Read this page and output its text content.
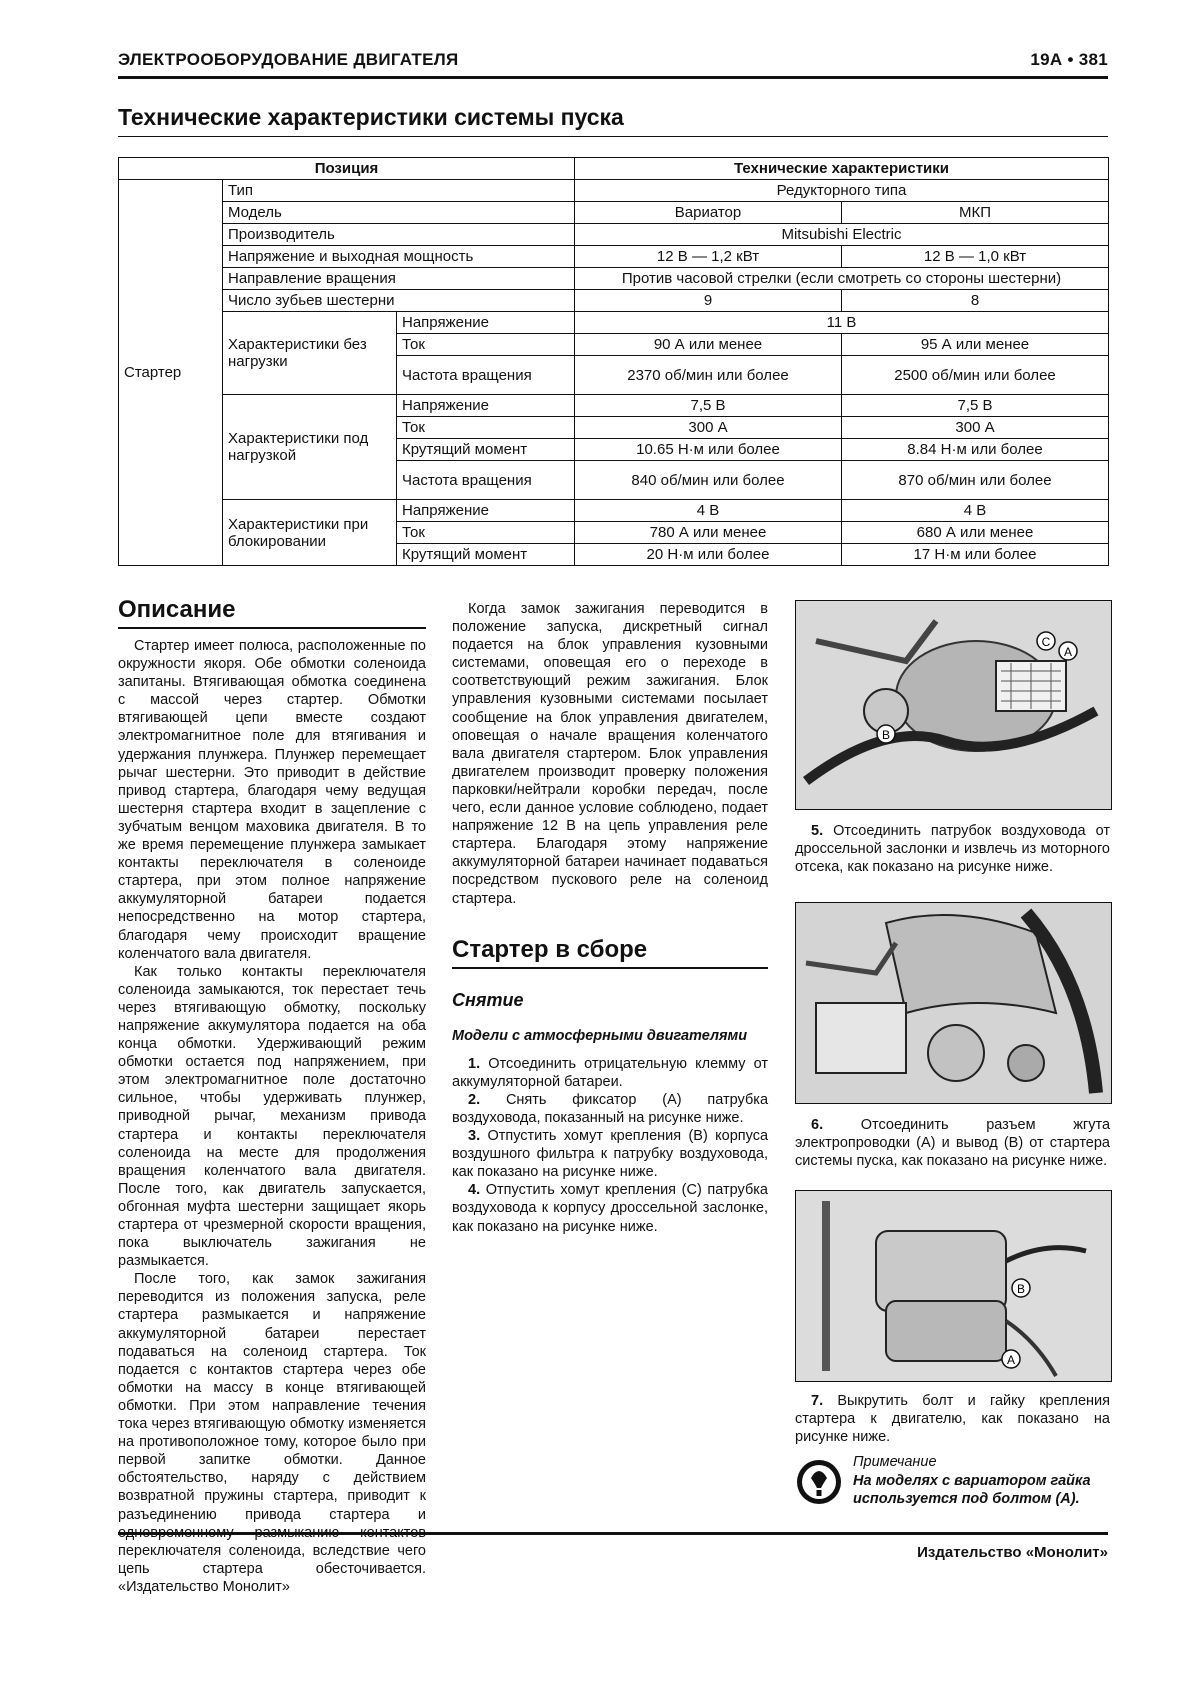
ЭЛЕКТРООБОРУДОВАНИЕ ДВИГАТЕЛЯ	19А • 381
Технические характеристики системы пуска
Позиция			Технические характеристики	
Стартер	Тип		Редукторного типа	
	Модель		Вариатор	МКП
	Производитель		Mitsubishi Electric	
	Напряжение и выходная мощность		12 В — 1,2 кВт	12 В — 1,0 кВт
	Направление вращения		Против часовой стрелки (если смотреть со стороны шестерни)	
	Число зубьев шестерни		9	8
	Характеристики без нагрузки	Напряжение	11 В	
		Ток	90 А или менее	95 А или менее
		Частота вращения	2370 об/мин или более	2500 об/мин или более
	Характеристики под нагрузкой	Напряжение	7,5 В	7,5 В
		Ток	300 А	300 А
		Крутящий момент	10.65 Н·м или более	8.84 Н·м или более
		Частота вращения	840 об/мин или более	870 об/мин или более
	Характеристики при блокировании	Напряжение	4 В	4 В
		Ток	780 А или менее	680 А или менее
		Крутящий момент	20 Н·м или более	17 Н·м или более
Описание

Стартер имеет полюса, расположенные по окружности якоря. Обе обмотки соленоида запитаны. Втягивающая обмотка соединена с массой через стартер. Обмотки втягивающей цепи вместе создают электромагнитное поле для втягивания и удержания плунжера. Плунжер перемещает рычаг шестерни. Это приводит в действие привод стартера, благодаря чему ведущая шестерня стартера входит в зацепление с зубчатым венцом маховика двигателя. В то же время перемещение плунжера замыкает контакты переключателя в соленоиде стартера, при этом полное напряжение аккумуляторной батареи подается непосредственно на мотор стартера, благодаря чему происходит вращение коленчатого вала двигателя.

Как только контакты переключателя соленоида замыкаются, ток перестает течь через втягивающую обмотку, поскольку напряжение аккумулятора подается на оба конца обмотки. Удерживающий режим обмотки остается под напряжением, при этом электромагнитное поле достаточно сильное, чтобы удерживать плунжер, приводной рычаг, механизм привода стартера и контакты переключателя соленоида на месте для продолжения вращения коленчатого вала двигателя. После того, как двигатель запускается, обгонная муфта шестерни защищает якорь стартера от чрезмерной скорости вращения, пока выключатель зажигания не размыкается.

После того, как замок зажигания переводится из положения запуска, реле стартера размыкается и напряжение аккумуляторной батареи перестает подаваться на соленоид стартера. Ток подается с контактов стартера через обе обмотки на массу в конце втягивающей обмотки. При этом направление течения тока через втягивающую обмотку изменяется на противоположное тому, которое было при первой запитке обмотки. Данное обстоятельство, наряду с действием возвратной пружины стартера, приводит к разъединению привода стартера и одновременному размыканию контактов переключателя соленоида, вследствие чего цепь стартера обесточивается. «Издательство Монолит»

Когда замок зажигания переводится в положение запуска, дискретный сигнал подается на блок управления кузовными системами, оповещая его о переходе в соответствующий режим зажигания. Блок управления кузовными системами посылает сообщение на блок управления двигателем, оповещая о начале вращения коленчатого вала двигателя стартером. Блок управления двигателем производит проверку положения парковки/нейтрали коробки передач, после чего, если данное условие соблюдено, подает напряжение 12 В на цепь управления реле стартера. Благодаря этому напряжение аккумуляторной батареи начинает подаваться посредством пускового реле на соленоид стартера.

Стартер в сборе
Снятие
Модели с атмосферными двигателями

1. Отсоединить отрицательную клемму от аккумуляторной батареи.

2. Снять фиксатор (А) патрубка воздуховода, показанный на рисунке ниже.

3. Отпустить хомут крепления (В) корпуса воздушного фильтра к патрубку воздуховода, как показано на рисунке ниже.

4. Отпустить хомут крепления (С) патрубка воздуховода к корпусу дроссельной заслонке, как показано на рисунке ниже.

C
A
B

5. Отсоединить патрубок воздуховода от дроссельной заслонки и извлечь из моторного отсека, как показано на рисунке ниже.

6.	Отсоединить разъем жгута электропроводки (А) и вывод (В) от стартера системы пуска, как показано на рисунке ниже.

B
A

7. Выкрутить болт и гайку крепления стартера к двигателю, как показано на рисунке ниже.

Примечание
На моделях с вариатором гайка используется под болтом (А).
Издательство «Монолит»
